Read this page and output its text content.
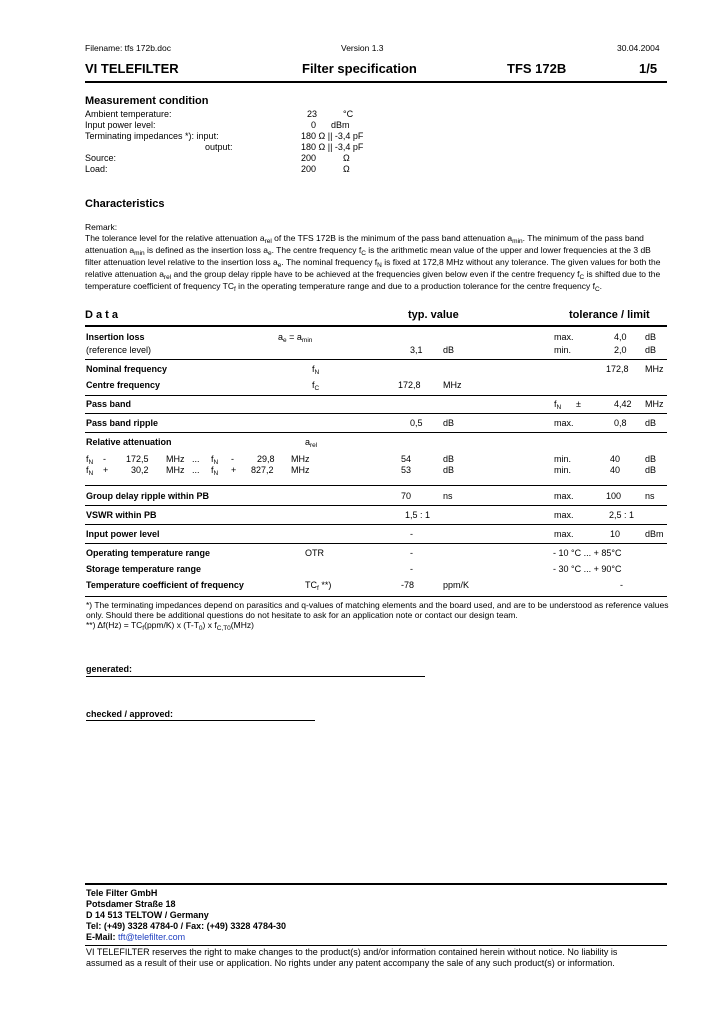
Filename: tfs 172b.doc	Version 1.3	30.04.2004
VI TELEFILTER	Filter specification	TFS 172B	1/5
Measurement condition
Ambient temperature:	23	°C
Input power level:	0 dBm
Terminating impedances *): input:	180 Ω || -3,4 pF
output:	180 Ω || -3,4 pF
Source:	200	Ω
Load:	200	Ω
Characteristics
Remark:
The tolerance level for the relative attenuation $a_{rel}$ of the TFS 172B is the minimum of the pass band attenuation $a_{min}$. The minimum of the pass band
attenuation $a_{min}$ is defined as the insertion loss $a_e$. The centre frequency $f_C$ is the arithmetic mean value of the upper and lower frequencies at the 3 dB
filter attenuation level relative to the insertion loss $a_e$. The nominal frequency $f_N$ is fixed at 172,8 MHz without any tolerance. The given values for both the
relative attenuation $a_{rel}$ and the group delay ripple have to be achieved at the frequencies given below even if the centre frequency $f_C$ is shifted due to the
temperature coefficient of frequency $TC_f$ in the operating temperature range and due to a production tolerance for the centre frequency $f_C$.
D a t a	typ. value	tolerance / limit
Insertion loss	$a_e = a_{min}$	max.	4,0 dB
(reference level)	3,1 dB	min.	2,0 dB
Nominal frequency	$f_N$	172,8 MHz
Centre frequency	$f_C$	172,8 MHz
Pass band	$f_N$ ±	4,42 MHz
Pass band ripple	0,5 dB	max.	0,8 dB
Relative attenuation	$a_{rel}$
$f_N - 172,5$ MHz ... $f_N$ -	29,8 MHz	54	dB	min.	40	dB
$f_N$ +	30,2 MHz ... $f_N + 827,2$ MHz	53	dB	min.	40	dB
Group delay ripple within PB	70	ns	max.	100	ns
VSWR within PB	1,5 : 1	max.	2,5 : 1
Input power level	-	max.	10	dBm
Operating temperature range	OTR	-	- 10 °C ... + 85°C
Storage temperature range	-	- 30 °C ... + 90°C
Temperature coefficient of frequency	$TC_f$ **)	-78	ppm/K	-
*) The terminating impedances depend on parasitics and q-values of matching elements and the board used, and are to be understood as reference values
only. Should there be additional questions do not hesitate to ask for an application note or contact our design team.
**) $\Delta f(Hz) = TC_f(ppm/K)$ x $(T-T_0)$ x $f_{C,T0}(MHz)$
generated:
checked / approved:
Tele Filter GmbH
Potsdamer Straße 18
D 14 513 TELTOW / Germany
Tel: (+49) 3328 4784-0 / Fax: (+49) 3328 4784-30
E-Mail: tft@telefilter.com
VI TELEFILTER reserves the right to make changes to the product(s) and/or information contained herein without notice. No liability is
assumed as a result of their use or application. No rights under any patent accompany the sale of any such product(s) or information.
